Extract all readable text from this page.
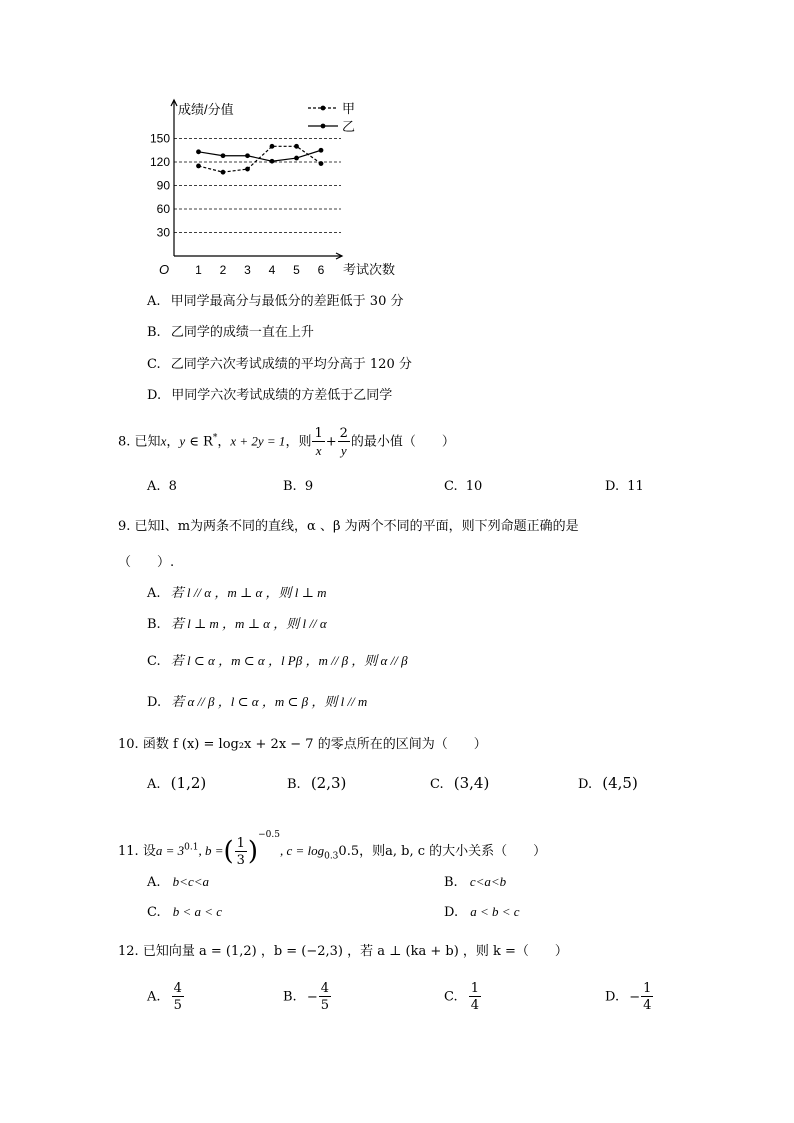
30
60
90
120
150
1 2 3 4 5 6
O
成绩/分值
考试次数
甲
乙
A. 甲同学最高分与最低分的差距低于 30 分
B. 乙同学的成绩一直在上升
C. 乙同学六次考试成绩的平均分高于 120 分
D. 甲同学六次考试成绩的方差低于乙同学
8. 已知x，y ∈ R*，x + 2y = 1，则 $\frac{1}{x} + \frac{2}{y}$ 的最小值（　　）
A. 8	B. 9	C. 10	D. 11
9. 已知l、m为两条不同的直线，α 、β 为两个不同的平面，则下列命题正确的是
（　　）.
A. 若 l // α ，m ⊥ α ，则 l ⊥ m
B. 若 l ⊥ m ，m ⊥ α ，则 l // α
C. 若 l ⊂ α ，m ⊂ α ，l Pβ ，m // β ，则 α // β
D. 若 α // β ，l ⊂ α ，m ⊂ β ，则 l // m
10. 函数 f (x) = log₂x + 2x − 7 的零点所在的区间为（　　）
A. (1,2)	B. (2,3)	C. (3,4)	D. (4,5)
11. 设$a = 3^{0.1}$, b =( $\frac{1}{3} )^{-0.5}$, $c = \log_{0.3}0.5$，则a, b, c 的大小关系（　　）
A. b<c<a	B. c<a<b
C. b < a < c	D. a < b < c
12. 已知向量 a = (1,2) ，b = (−2,3) ，若 a ⊥ (ka + b) ，则 k =（　　）
A. $\frac{4}{5}$	B. − $\frac{4}{5}$	C. $\frac{1}{4}$	D. − $\frac{1}{4}$
